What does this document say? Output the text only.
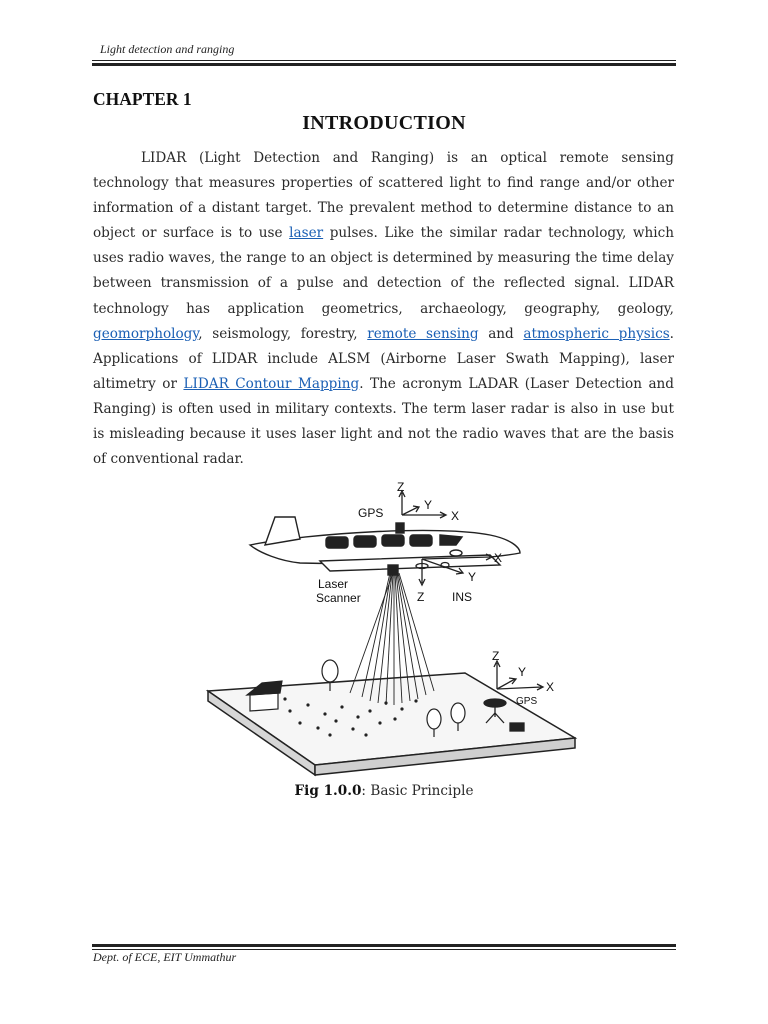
Light detection and ranging
CHAPTER 1
INTRODUCTION
LIDAR (Light Detection and Ranging) is an optical remote sensing technology that measures properties of scattered light to find range and/or other information of a distant target. The prevalent method to determine distance to an object or surface is to use laser pulses. Like the similar radar technology, which uses radio waves, the range to an object is determined by measuring the time delay between transmission of a pulse and detection of the reflected signal. LIDAR technology has application geometrics, archaeology, geography, geology, geomorphology, seismology, forestry, remote sensing and atmospheric physics. Applications of LIDAR include ALSM (Airborne Laser Swath Mapping), laser altimetry or LIDAR Contour Mapping. The acronym LADAR (Laser Detection and Ranging) is often used in military contexts. The term laser radar is also in use but is misleading because it uses laser light and not the radio waves that are the basis of conventional radar.
GPS
Laser
Scanner	INS
GPS
Z
Y
X
Z
Y
X
Z
Y
X
Fig 1.0.0: Basic Principle
Dept. of ECE, EIT Ummathur
